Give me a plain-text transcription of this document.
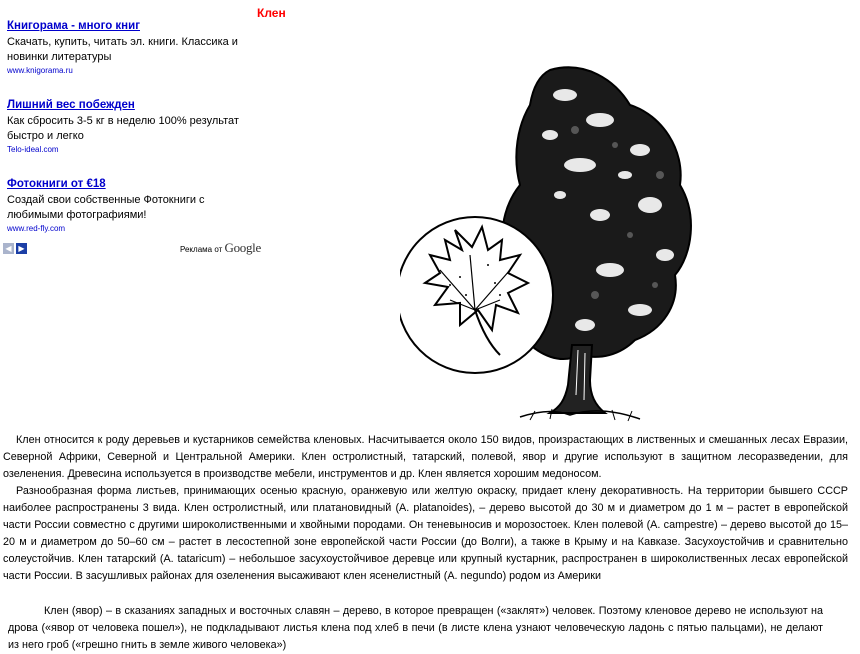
Клен
Книгорама - много книг
Скачать, купить, читать эл. книги. Классика и новинки литературы
www.knigorama.ru
Лишний вес побежден
Как сбросить 3-5 кг в неделю 100% результат быстро и легко
Telo-ideal.com
Фотокниги от €18
Создай свои собственные Фотокниги с любимыми фотографиями!
www.red-fly.com
◀ ▶	Реклама от Google

Клен относится к роду деревьев и кустарников семейства кленовых. Насчитывается около 150 видов, произрастающих в лиственных и смешанных лесах Евразии, Северной Африки, Северной и Центральной Америки. Клен остролистный, татарский, полевой, явор и другие используют в защитном лесоразведении, для озеленения. Древесина используется в производстве мебели, инструментов и др. Клен является хорошим медоносом.

Разнообразная форма листьев, принимающих осенью красную, оранжевую или желтую окраску, придает клену декоративность. На территории бывшего СССР наиболее распространены 3 вида. Клен остролистный, или платановидный (A. platanoides), – дерево высотой до 30 м и диаметром до 1 м – растет в европейской части России совместно с другими широколиственными и хвойными породами. Он теневыносив и морозостоек. Клен полевой (A. campestre) – дерево высотой до 15–20 м и диаметром до 50–60 см – растет в лесостепной зоне европейской части России (до Волги), а также в Крыму и на Кавказе. Засухоустойчив и сравнительно солеустойчив. Клен татарский (A. tataricum) – небольшое засухоустойчивое деревце или крупный кустарник, распространен в широколиственных лесах европейской части России. В засушливых районах для озеленения высаживают клен ясенелистный (A. negundo) родом из Америки

Клен (явор) – в сказаниях западных и восточных славян – дерево, в которое превращен («заклят») человек. Поэтому кленовое дерево не используют на дрова («явор от человека пошел»), не подкладывают листья клена под хлеб в печи (в листе клена узнают человеческую ладонь с пятью пальцами), не делают из него гроб («грешно гнить в земле живого человека»)
